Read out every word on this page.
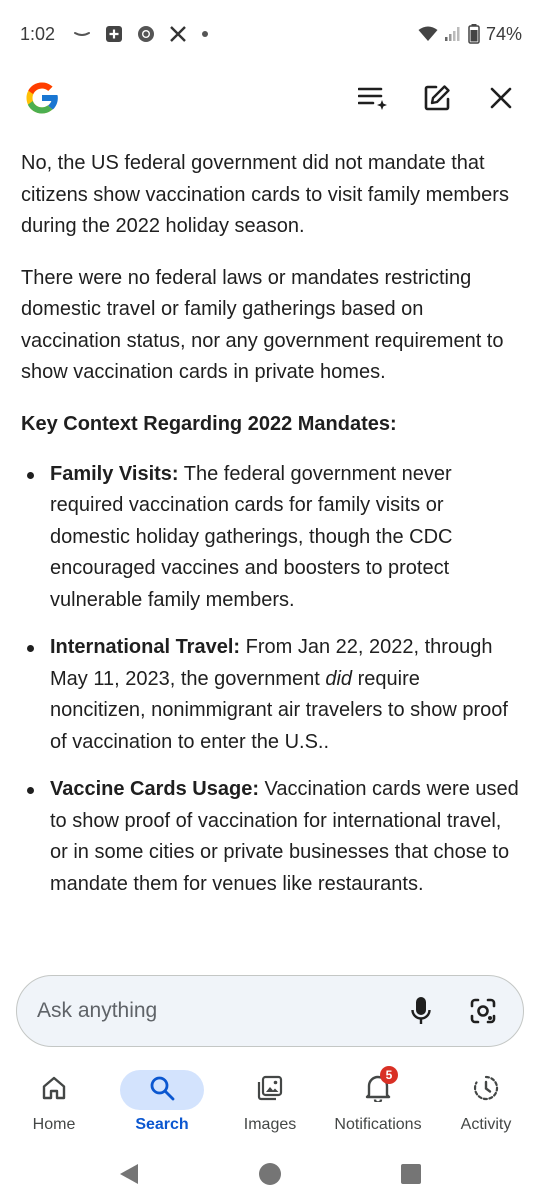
1:02	74%

No, the US federal government did not mandate that citizens show vaccination cards to visit family members during the 2022 holiday season.

There were no federal laws or mandates restricting domestic travel or family gatherings based on vaccination status, nor any government requirement to show vaccination cards in private homes.

Key Context Regarding 2022 Mandates:

Family Visits: The federal government never required vaccination cards for family visits or domestic holiday gatherings, though the CDC encouraged vaccines and boosters to protect vulnerable family members.
International Travel: From Jan 22, 2022, through May 11, 2023, the government did require noncitizen, nonimmigrant air travelers to show proof of vaccination to enter the U.S..
Vaccine Cards Usage: Vaccination cards were used to show proof of vaccination for international travel, or in some cities or private businesses that chose to mandate them for venues like restaurants.
Ask anything
Home	Search	Images
5
Notifications Activity
